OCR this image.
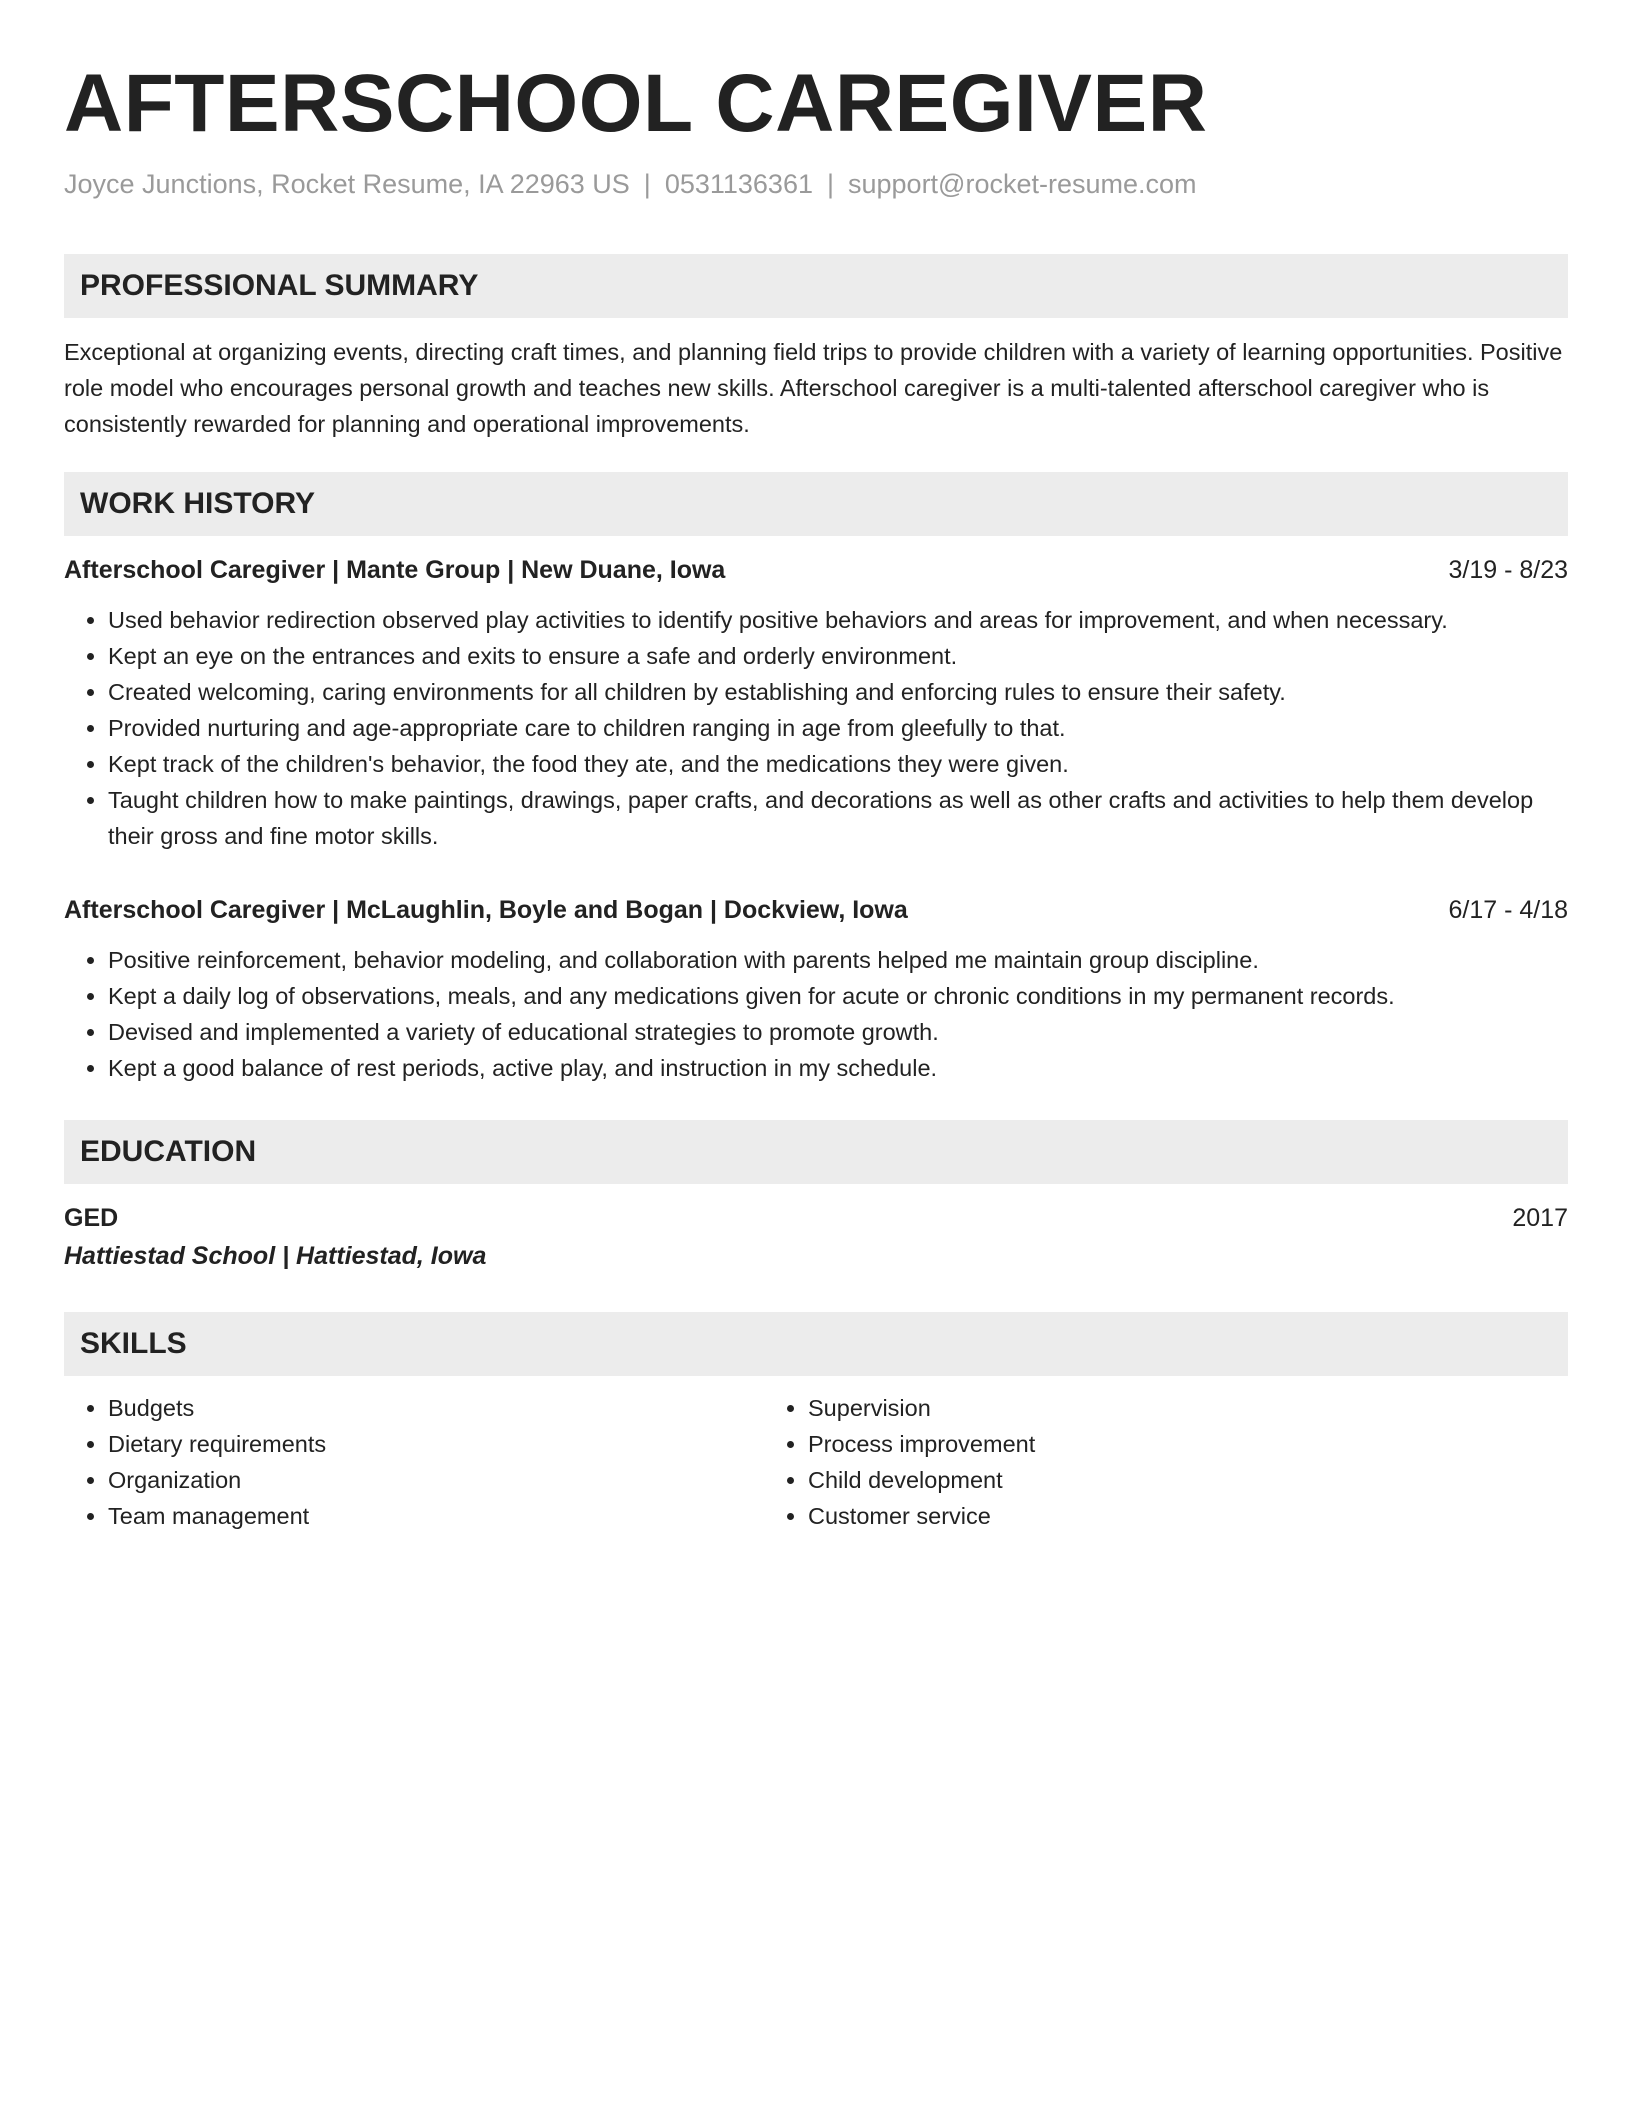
AFTERSCHOOL CAREGIVER
Joyce Junctions, Rocket Resume, IA 22963 US | 0531136361 | support@rocket-resume.com
PROFESSIONAL SUMMARY
Exceptional at organizing events, directing craft times, and planning field trips to provide children with a variety of learning opportunities. Positive role model who encourages personal growth and teaches new skills. Afterschool caregiver is a multi-talented afterschool caregiver who is consistently rewarded for planning and operational improvements.
WORK HISTORY
Afterschool Caregiver | Mante Group | New Duane, Iowa	3/19 - 8/23
• Used behavior redirection observed play activities to identify positive behaviors and areas for improvement, and when necessary.
• Kept an eye on the entrances and exits to ensure a safe and orderly environment.
• Created welcoming, caring environments for all children by establishing and enforcing rules to ensure their safety.
• Provided nurturing and age-appropriate care to children ranging in age from gleefully to that.
• Kept track of the children's behavior, the food they ate, and the medications they were given.
• Taught children how to make paintings, drawings, paper crafts, and decorations as well as other crafts and activities to help them develop their gross and fine motor skills.
Afterschool Caregiver | McLaughlin, Boyle and Bogan | Dockview, Iowa	6/17 - 4/18
• Positive reinforcement, behavior modeling, and collaboration with parents helped me maintain group discipline.
• Kept a daily log of observations, meals, and any medications given for acute or chronic conditions in my permanent records.
• Devised and implemented a variety of educational strategies to promote growth.
• Kept a good balance of rest periods, active play, and instruction in my schedule.
EDUCATION
GED	2017
Hattiestad School | Hattiestad, Iowa
SKILLS
• Budgets
• Dietary requirements
• Organization
• Team management
• Supervision
• Process improvement
• Child development
• Customer service
